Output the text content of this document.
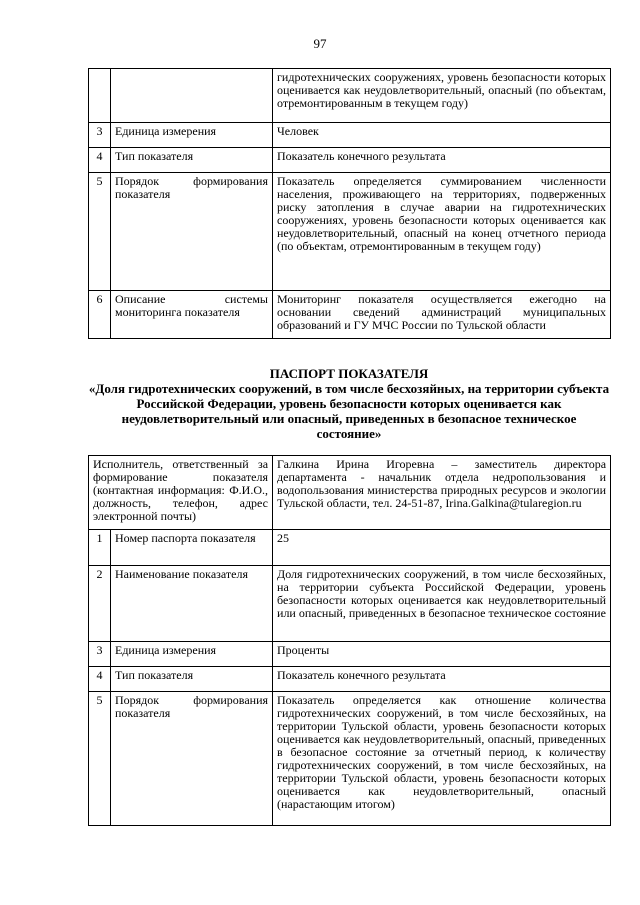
97
		гидротехнических сооружениях, уровень безопасности которых оценивается как неудовлетворительный, опасный (по объектам, отремонтированным в текущем году)
3	Единица измерения	Человек
4	Тип показателя	Показатель конечного результата
5	Порядок формирования показателя	Показатель определяется суммированием численности населения, проживающего на территориях, подверженных риску затопления в случае аварии на гидротехнических сооружениях, уровень безопасности которых оценивается как неудовлетворительный, опасный на конец отчетного периода (по объектам, отремонтированным в текущем году)
6	Описание системы мониторинга показателя	Мониторинг показателя осуществляется ежегодно на основании сведений администраций муниципальных образований и ГУ МЧС России по Тульской области
ПАСПОРТ ПОКАЗАТЕЛЯ
«Доля гидротехнических сооружений, в том числе бесхозяйных, на территории субъекта Российской Федерации, уровень безопасности которых оценивается как неудовлетворительный или опасный, приведенных в безопасное техническое состояние»
Исполнитель, ответственный за формирование показателя (контактная информация: Ф.И.О., должность, телефон, адрес электронной почты)		Галкина Ирина Игоревна – заместитель директора департамента - начальник отдела недропользования и водопользования министерства природных ресурсов и экологии Тульской области, тел. 24-51-87, Irina.Galkina@tularegion.ru
1	Номер паспорта показателя	25
2	Наименование показателя	Доля гидротехнических сооружений, в том числе бесхозяйных, на территории субъекта Российской Федерации, уровень безопасности которых оценивается как неудовлетворительный или опасный, приведенных в безопасное техническое состояние
3	Единица измерения	Проценты
4	Тип показателя	Показатель конечного результата
5	Порядок формирования показателя	Показатель определяется как отношение количества гидротехнических сооружений, в том числе бесхозяйных, на территории Тульской области, уровень безопасности которых оценивается как неудовлетворительный, опасный, приведенных в безопасное состояние за отчетный период, к количеству гидротехнических сооружений, в том числе бесхозяйных, на территории Тульской области, уровень безопасности которых оценивается как неудовлетворительный, опасный (нарастающим итогом)
